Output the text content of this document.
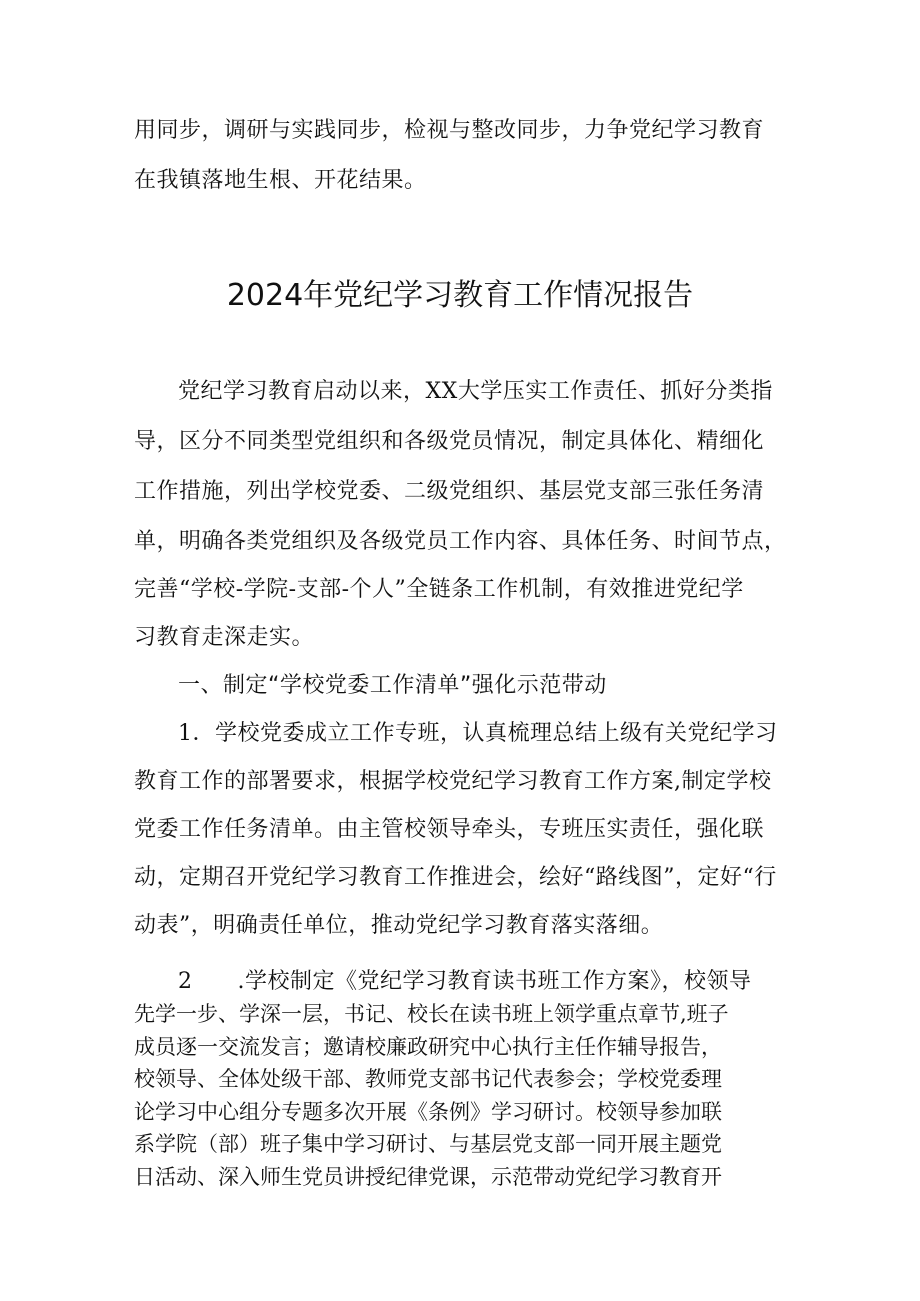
用同步，调研与实践同步，检视与整改同步，力争党纪学习教育
在我镇落地生根、开花结果。
2024年党纪学习教育工作情况报告
党纪学习教育启动以来，XX大学压实工作责任、抓好分类指
导，区分不同类型党组织和各级党员情况，制定具体化、精细化
工作措施，列出学校党委、二级党组织、基层党支部三张任务清
单，明确各类党组织及各级党员工作内容、具体任务、时间节点，
完善“学校-学院-支部-个人”全链条工作机制，有效推进党纪学
习教育走深走实。
一、制定“学校党委工作清单”强化示范带动
1．学校党委成立工作专班，认真梳理总结上级有关党纪学习
教育工作的部署要求，根据学校党纪学习教育工作方案,制定学校
党委工作任务清单。由主管校领导牵头，专班压实责任，强化联
动，定期召开党纪学习教育工作推进会，绘好“路线图”，定好“行
动表”，明确责任单位，推动党纪学习教育落实落细。
2　　.学校制定《党纪学习教育读书班工作方案》，校领导
先学一步、学深一层，书记、校长在读书班上领学重点章节,班子
成员逐一交流发言；邀请校廉政研究中心执行主任作辅导报告，
校领导、全体处级干部、教师党支部书记代表参会；学校党委理
论学习中心组分专题多次开展《条例》学习研讨。校领导参加联
系学院（部）班子集中学习研讨、与基层党支部一同开展主题党
日活动、深入师生党员讲授纪律党课，示范带动党纪学习教育开
